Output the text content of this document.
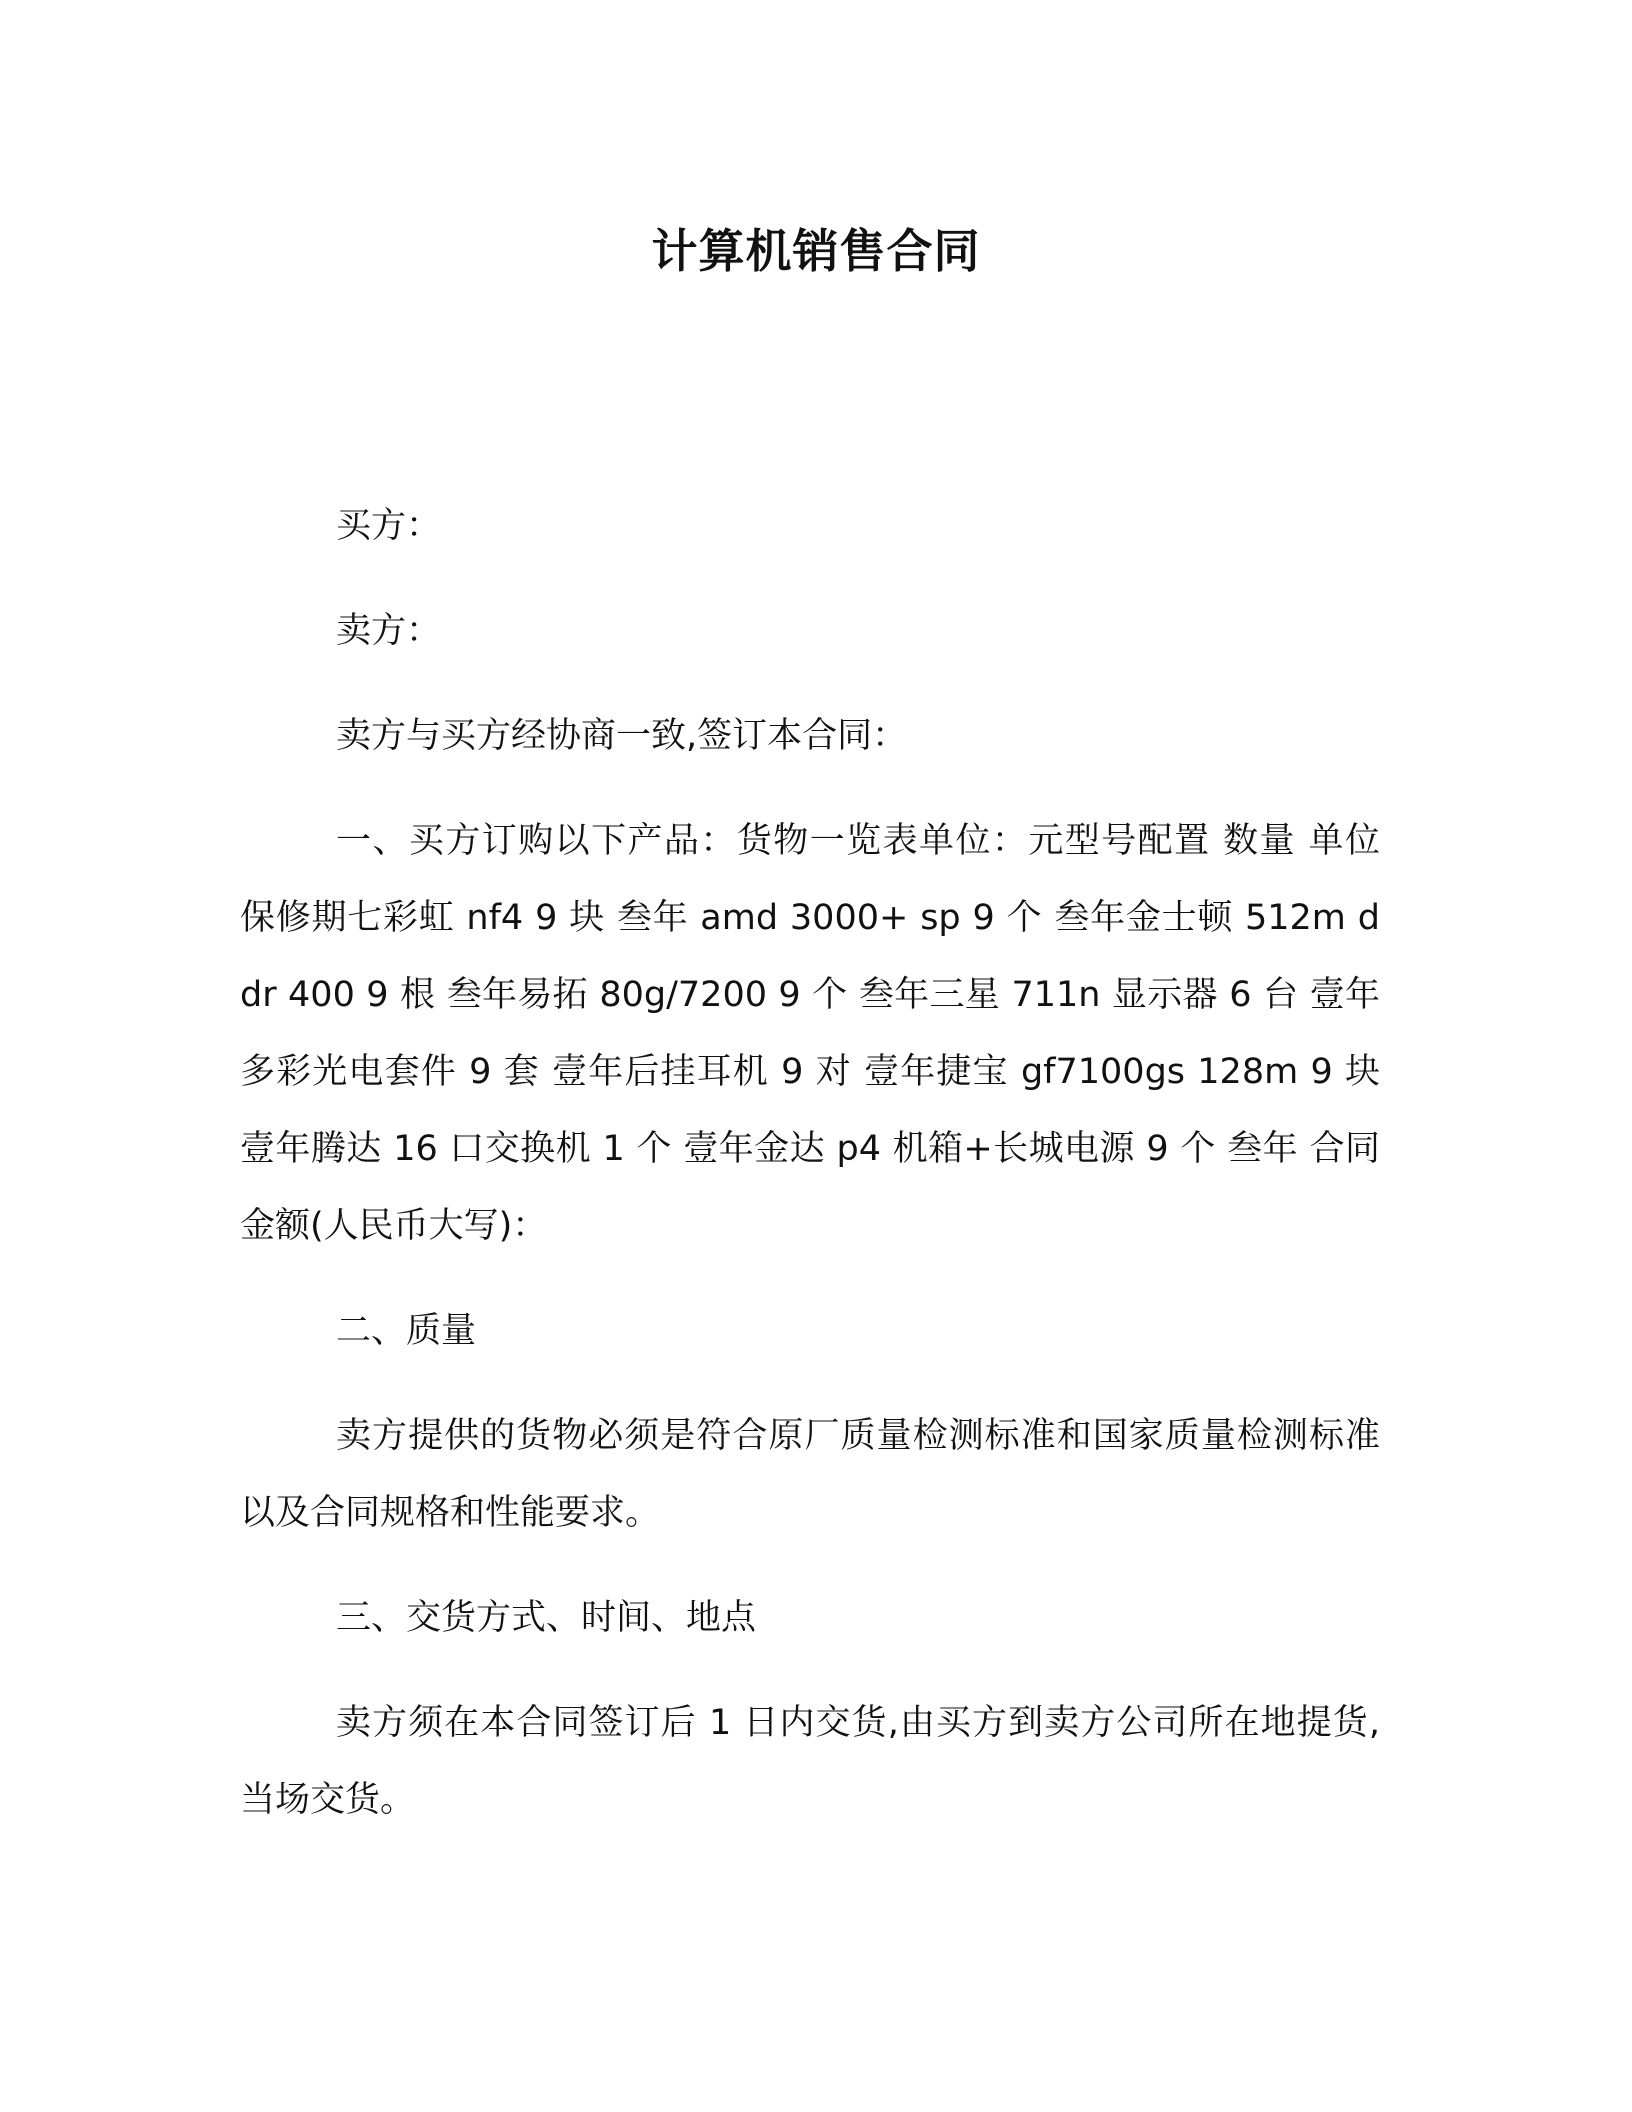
计算机销售合同

买方：

卖方：

卖方与买方经协商一致,签订本合同：

一、买方订购以下产品：货物一览表单位：元型号配置 数量 单位 保修期七彩虹 nf4 9 块 叁年 amd 3000+ sp 9 个 叁年金士顿 512m ddr 400 9 根 叁年易拓 80g/7200 9 个 叁年三星 711n 显示器 6 台 壹年多彩光电套件 9 套 壹年后挂耳机 9 对 壹年捷宝 gf7100gs 128m 9 块 壹年腾达 16 口交换机 1 个 壹年金达 p4 机箱+长城电源 9 个 叁年 合同金额(人民币大写)：

二、质量

卖方提供的货物必须是符合原厂质量检测标准和国家质量检测标准以及合同规格和性能要求。

三、交货方式、时间、地点

卖方须在本合同签订后 1 日内交货,由买方到卖方公司所在地提货,当场交货。
